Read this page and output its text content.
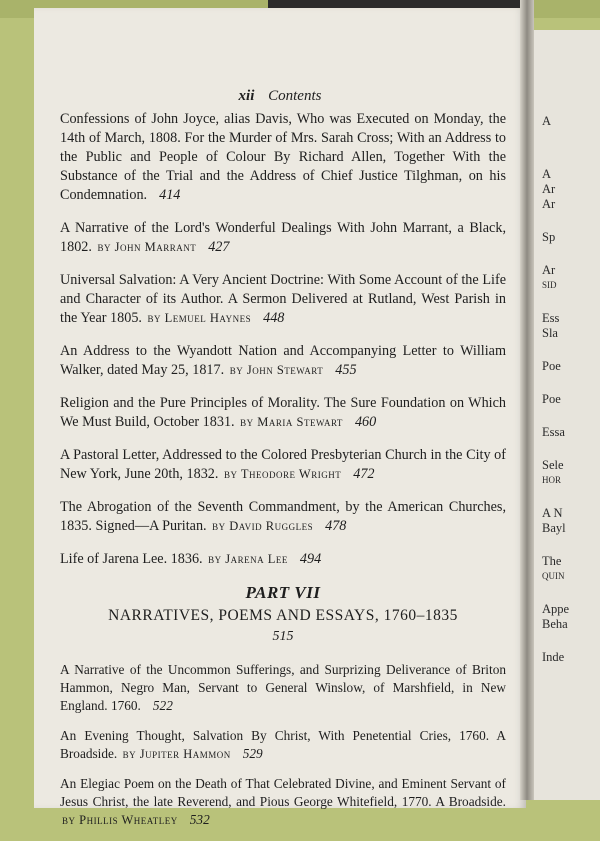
xii Contents
Confessions of John Joyce, alias Davis, Who was Executed on Monday, the 14th of March, 1808. For the Murder of Mrs. Sarah Cross; With an Address to the Public and People of Colour By Richard Allen, Together With the Substance of the Trial and the Address of Chief Justice Tilghman, on his Condemnation. 414
A Narrative of the Lord's Wonderful Dealings With John Marrant, a Black, 1802. by John Marrant 427
Universal Salvation: A Very Ancient Doctrine: With Some Account of the Life and Character of its Author. A Sermon Delivered at Rutland, West Parish in the Year 1805. by Lemuel Haynes 448
An Address to the Wyandott Nation and Accompanying Letter to William Walker, dated May 25, 1817. by John Stewart 455
Religion and the Pure Principles of Morality. The Sure Foundation on Which We Must Build, October 1831. by Maria Stewart 460
A Pastoral Letter, Addressed to the Colored Presbyterian Church in the City of New York, June 20th, 1832. by Theodore Wright 472
The Abrogation of the Seventh Commandment, by the American Churches, 1835. Signed—A Puritan. by David Ruggles 478
Life of Jarena Lee. 1836. by Jarena Lee 494
PART VII
NARRATIVES, POEMS AND ESSAYS, 1760–1835
515
A Narrative of the Uncommon Sufferings, and Surprizing Deliverance of Briton Hammon, Negro Man, Servant to General Winslow, of Marshfield, in New England. 1760. 522
An Evening Thought, Salvation By Christ, With Penetential Cries, 1760. A Broadside. by Jupiter Hammon 529
An Elegiac Poem on the Death of That Celebrated Divine, and Eminent Servant of Jesus Christ, the late Reverend, and Pious George Whitefield, 1770. A Broadside. by Phillis Wheatley 532
A
A
Ar
Ar
Sp
Ar
SID
Ess
Sla
Poe
Poe
Essa
Sele
HOR
A N
Bayl
The
QUIN
Appe
Beha
Inde
